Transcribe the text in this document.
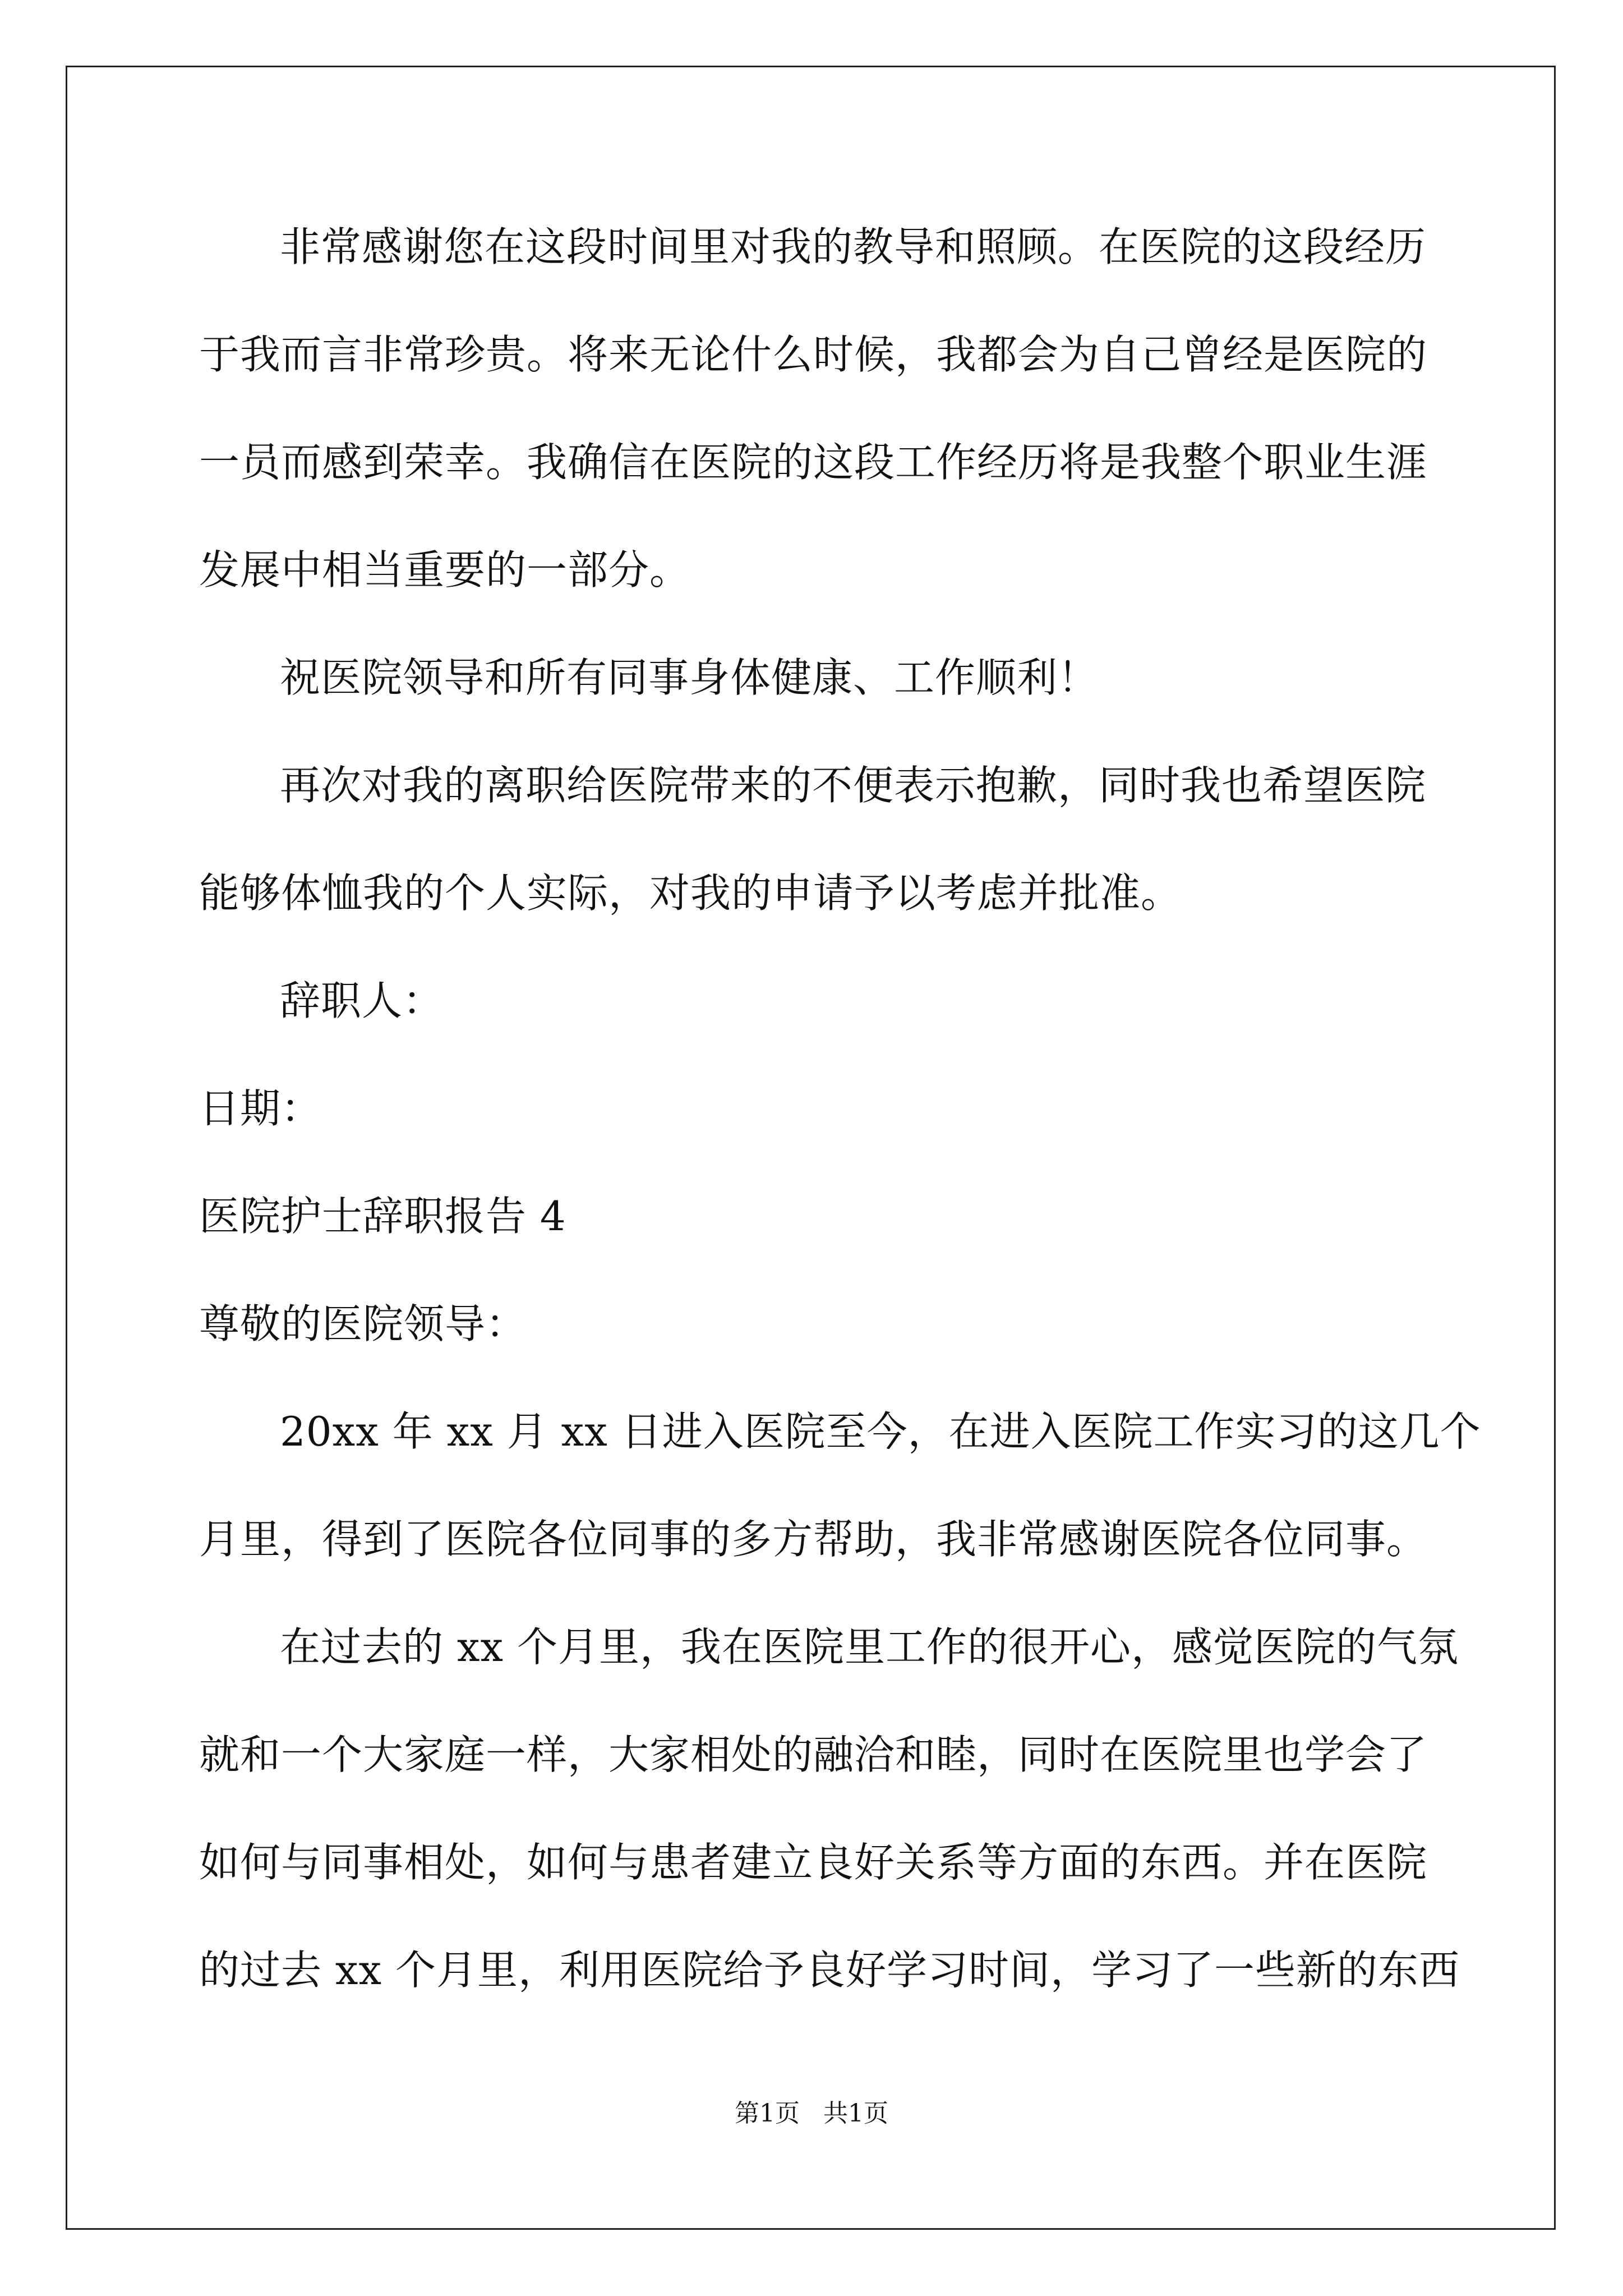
非常感谢您在这段时间里对我的教导和照顾。在医院的这段经历
于我而言非常珍贵。将来无论什么时候，我都会为自己曾经是医院的
一员而感到荣幸。我确信在医院的这段工作经历将是我整个职业生涯
发展中相当重要的一部分。
祝医院领导和所有同事身体健康、工作顺利！
再次对我的离职给医院带来的不便表示抱歉，同时我也希望医院
能够体恤我的个人实际，对我的申请予以考虑并批准。
辞职人：
日期：
医院护士辞职报告 4
尊敬的医院领导：
20xx 年 xx 月 xx 日进入医院至今，在进入医院工作实习的这几个
月里，得到了医院各位同事的多方帮助，我非常感谢医院各位同事。
在过去的 xx 个月里，我在医院里工作的很开心，感觉医院的气氛
就和一个大家庭一样，大家相处的融洽和睦，同时在医院里也学会了
如何与同事相处，如何与患者建立良好关系等方面的东西。并在医院
的过去 xx 个月里，利用医院给予良好学习时间，学习了一些新的东西
第1页   共1页
